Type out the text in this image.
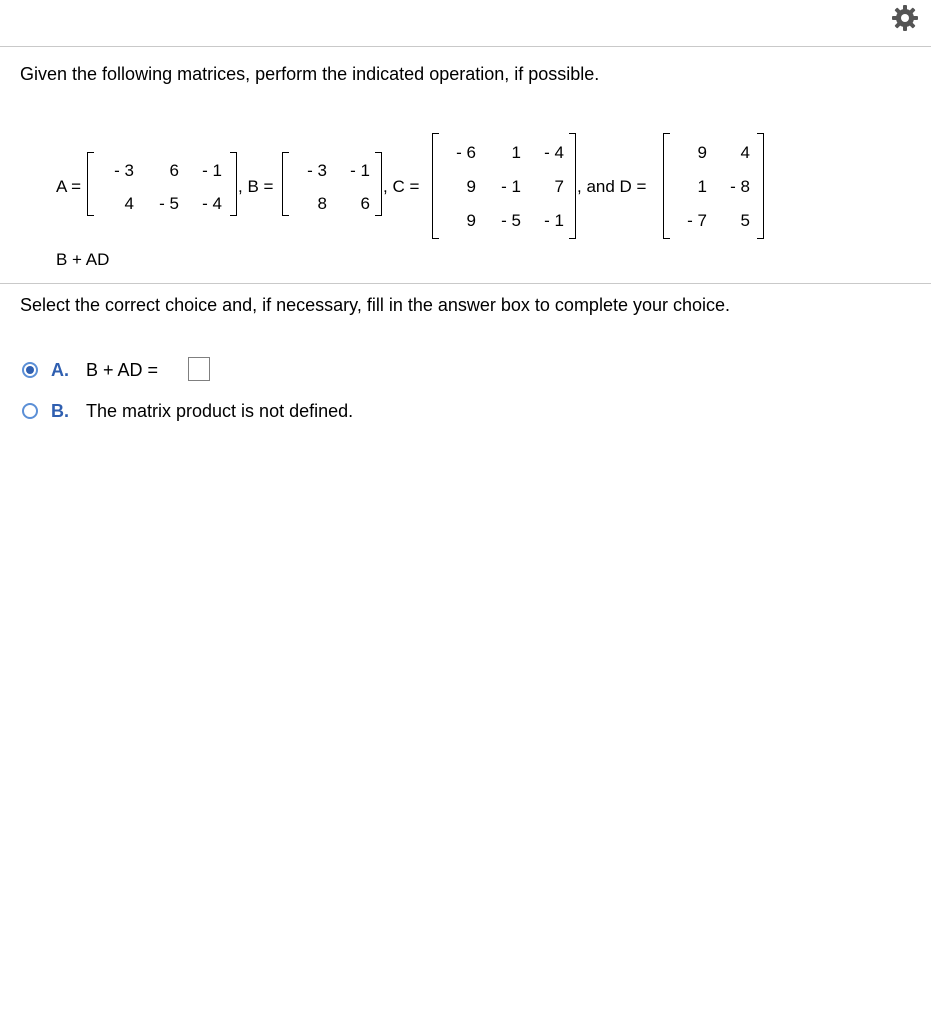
Given the following matrices, perform the indicated operation, if possible.
A =
- 3 6 - 1
4 - 5 - 4
, B =
- 3 - 1
8 6
, C =
- 6 1 - 4
9 - 1 7
9 - 5 - 1
, and D =
9 4
1 - 8
- 7 5
B + AD
Select the correct choice and, if necessary, fill in the answer box to complete your choice.
A. B + AD =
B. The matrix product is not defined.
